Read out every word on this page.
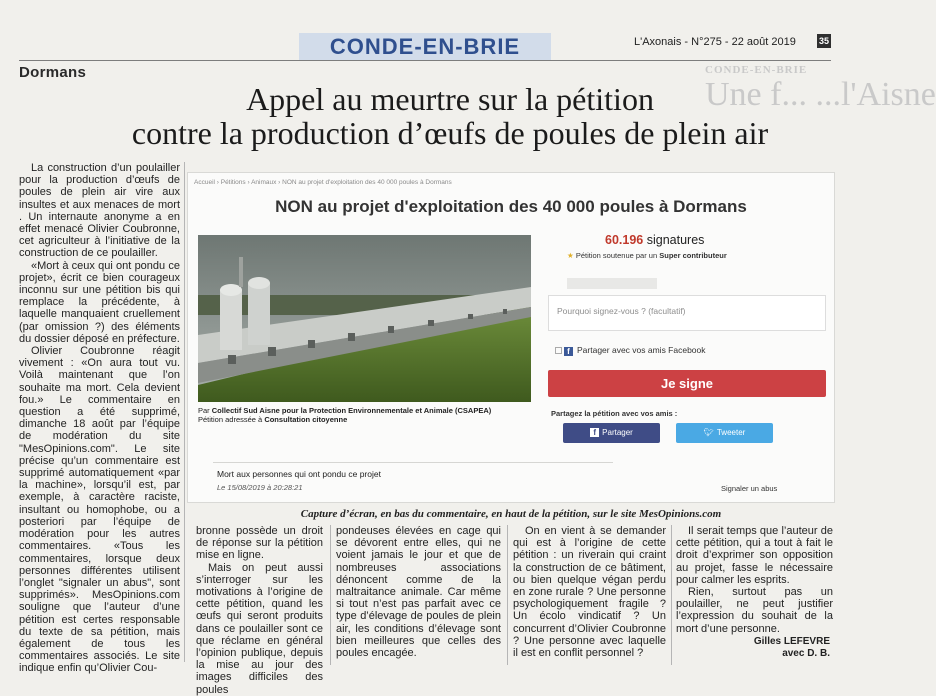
CONDE-EN-BRIE	L'Axonais - N°275 - 22 août 2019	35
CONDE-EN-BRIE
Une f... ...l'Aisne
Dormans
Appel au meurtre sur la pétition
contre la production d’œufs de poules de plein air

La construction d’un poulailler pour la production d’œufs de poules de plein air vire aux insultes et aux menaces de mort . Un internaute anonyme a en effet menacé Olivier Coubronne, cet agriculteur à l’initiative de la construction de ce poulailler.

«Mort à ceux qui ont pondu ce projet», écrit ce bien courageux inconnu sur une pétition bis qui remplace la précédente, à laquelle manquaient cruellement (par omission ?) des éléments du dossier déposé en préfecture.

Olivier Coubronne réagit vivement : «On aura tout vu. Voilà maintenant que l’on souhaite ma mort. Cela devient fou.» Le commentaire en question a été supprimé, dimanche 18 août par l’équipe de modération du site "MesOpinions.com". Le site précise qu’un commentaire est supprimé automatiquement «par la machine», lorsqu’il est, par exemple, à caractère raciste, insultant ou homophobe, ou a posteriori par l’équipe de modération pour les autres commentaires. «Tous les commentaires, lorsque deux personnes différentes utilisent l’onglet "signaler un abus", sont supprimés». MesOpinions.com souligne que l’auteur d’une pétition est certes responsable du texte de sa pétition, mais également de tous les commentaires associés. Le site indique enfin qu’Olivier Cou-

Accueil › Pétitions › Animaux › NON au projet d'exploitation des 40 000 poules à Dormans
NON au projet d'exploitation des 40 000 poules à Dormans
Par Collectif Sud Aisne pour la Protection Environnementale et Animale (CSAPEA)
Pétition adressée à Consultation citoyenne
60.196 signatures
★ Pétition soutenue par un Super contributeur
Pourquoi signez-vous ? (facultatif)
f Partager avec vos amis Facebook
Je signe
Partagez la pétition avec vos amis :
f Partager	🐦︎ Tweeter
Mort aux personnes qui ont pondu ce projet
Le 15/08/2019 à 20:28:21	Signaler un abus
Capture d’écran, en bas du commentaire, en haut de la pétition, sur le site MesOpinions.com

bronne possède un droit de réponse sur la pétition mise en ligne.

Mais on peut aussi s’interroger sur les motivations à l’origine de cette pétition, quand les œufs qui seront produits dans ce poulailler sont ce que réclame en général l’opinion publique, depuis la mise au jour des images difficiles des poules

pondeuses élevées en cage qui se dévorent entre elles, qui ne voient jamais le jour et que de nombreuses associations dénoncent comme de la maltraitance animale. Car même si tout n’est pas parfait avec ce type d’élevage de poules de plein air, les conditions d’élevage sont bien meilleures que celles des poules encagée.

On en vient à se demander qui est à l’origine de cette pétition : un riverain qui craint la construction de ce bâtiment, ou bien quelque végan perdu en zone rurale ? Une personne psychologiquement fragile ? Un écolo vindicatif ? Un concurrent d’Olivier Coubronne ? Une personne avec laquelle il est en conflit personnel ?

Il serait temps que l’auteur de cette pétition, qui a tout à fait le droit d’exprimer son opposition au projet, fasse le nécessaire pour calmer les esprits.

Rien, surtout pas un poulailler, ne peut justifier l’expression du souhait de la mort d’une personne.

Gilles LEFEVRE
avec D. B.
